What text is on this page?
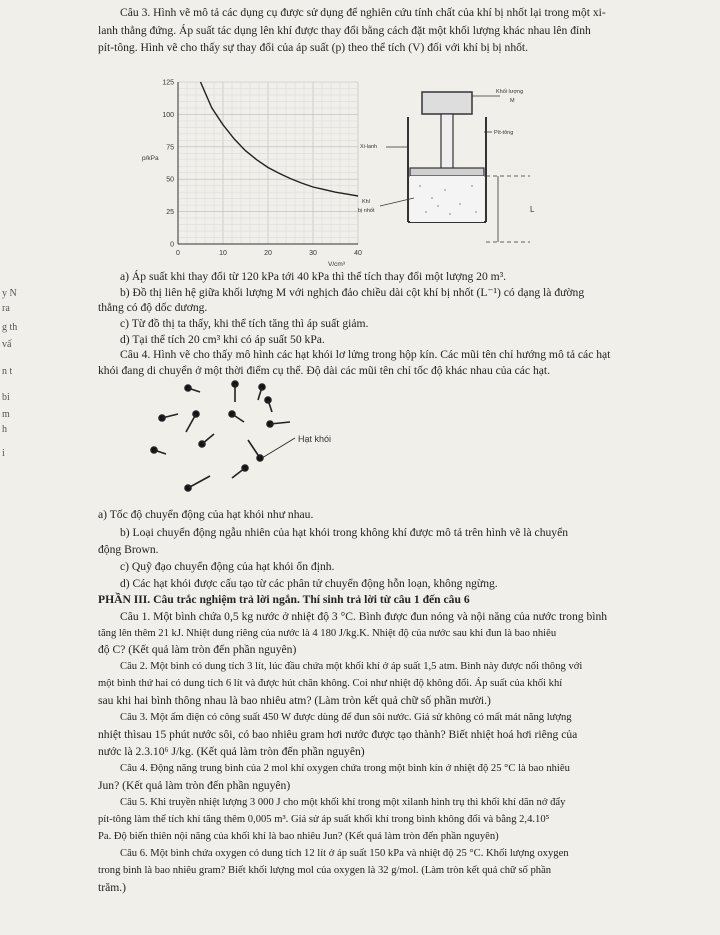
y N
ra
g th
vấ
n t
bi
m
h
i
Câu 3. Hình vẽ mô tả các dụng cụ được sử dụng để nghiên cứu tính chất của khí bị nhốt lại trong một xi-
lanh thẳng đứng. Áp suất tác dụng lên khí được thay đổi bằng cách đặt một khối lượng khác nhau lên đỉnh
pít-tông. Hình vẽ cho thấy sự thay đổi của áp suất (p) theo thể tích (V) đối với khí bị bị nhốt.
0	10	20	30	40
0
25
50
75
100
125
V/cm³
p/kPa
Khối lượng
M
Pít-tông
Xi-lanh
Khí
bị nhốt	L
a) Áp suất khi thay đổi từ 120 kPa tới 40 kPa thì thể tích thay đổi một lượng 20 m³.
b) Đồ thị liên hệ giữa khối lượng M với nghịch đảo chiều dài cột khí bị nhốt (L⁻¹) có dạng là đường
thẳng có độ dốc dương.
c) Từ đồ thị ta thấy, khi thể tích tăng thì áp suất giảm.
d) Tại thể tích 20 cm³ khi có áp suất 50 kPa.
Câu 4. Hình vẽ cho thấy mô hình các hạt khói lơ lửng trong hộp kín. Các mũi tên chỉ hướng mô tả các hạt
khói đang di chuyển ở một thời điểm cụ thể. Độ dài các mũi tên chỉ tốc độ khác nhau của các hạt.
Hạt khói
a) Tốc độ chuyển động của hạt khói như nhau.
b) Loại chuyển động ngẫu nhiên của hạt khói trong không khí được mô tả trên hình vẽ là chuyển
động Brown.
c) Quỹ đạo chuyển động của hạt khói ổn định.
d) Các hạt khói được cấu tạo từ các phân tử chuyển động hỗn loạn, không ngừng.
PHẦN III. Câu trắc nghiệm trả lời ngắn. Thí sinh trả lời từ câu 1 đến câu 6
Câu 1. Một bình chứa 0,5 kg nước ở nhiệt độ 3 °C. Bình được đun nóng và nội năng của nước trong bình
tăng lên thêm 21 kJ. Nhiệt dung riêng của nước là 4 180 J/kg.K. Nhiệt độ của nước sau khi đun là bao nhiêu
độ C? (Kết quả làm tròn đến phần nguyên)
Câu 2. Một bình có dung tích 3 lít, lúc đầu chứa một khối khí ở áp suất 1,5 atm. Bình này được nối thông với
một bình thứ hai có dung tích 6 lít và được hút chân không. Coi như nhiệt độ không đổi. Áp suất của khối khí
sau khi hai bình thông nhau là bao nhiêu atm? (Làm tròn kết quả chữ số phần mười.)
Câu 3. Một ấm điện có công suất 450 W được dùng để đun sôi nước. Giả sử không có mất mát năng lượng
nhiệt thìsau 15 phút nước sôi, có bao nhiêu gram hơi nước được tạo thành? Biết nhiệt hoá hơi riêng của
nước là 2.3.10⁶ J/kg. (Kết quả làm tròn đến phần nguyên)
Câu 4. Động năng trung bình của 2 mol khí oxygen chứa trong một bình kín ở nhiệt độ 25 °C là bao nhiêu
Jun? (Kết quả làm tròn đến phần nguyên)
Câu 5. Khi truyền nhiệt lượng 3 000 J cho một khối khí trong một xilanh hình trụ thì khối khí dãn nở đẩy
pít-tông làm thể tích khí tăng thêm 0,005 m³. Giả sử áp suất khối khí trong bình không đổi và bằng 2,4.10⁵
Pa. Độ biến thiên nội năng của khối khí là bao nhiêu Jun? (Kết quả làm tròn đến phần nguyên)
Câu 6. Một bình chứa oxygen có dung tích 12 lít ở áp suất 150 kPa và nhiệt độ 25 °C. Khối lượng oxygen
trong bình là bao nhiêu gram? Biết khối lượng mol của oxygen là 32 g/mol. (Làm tròn kết quả chữ số phần
trăm.)
